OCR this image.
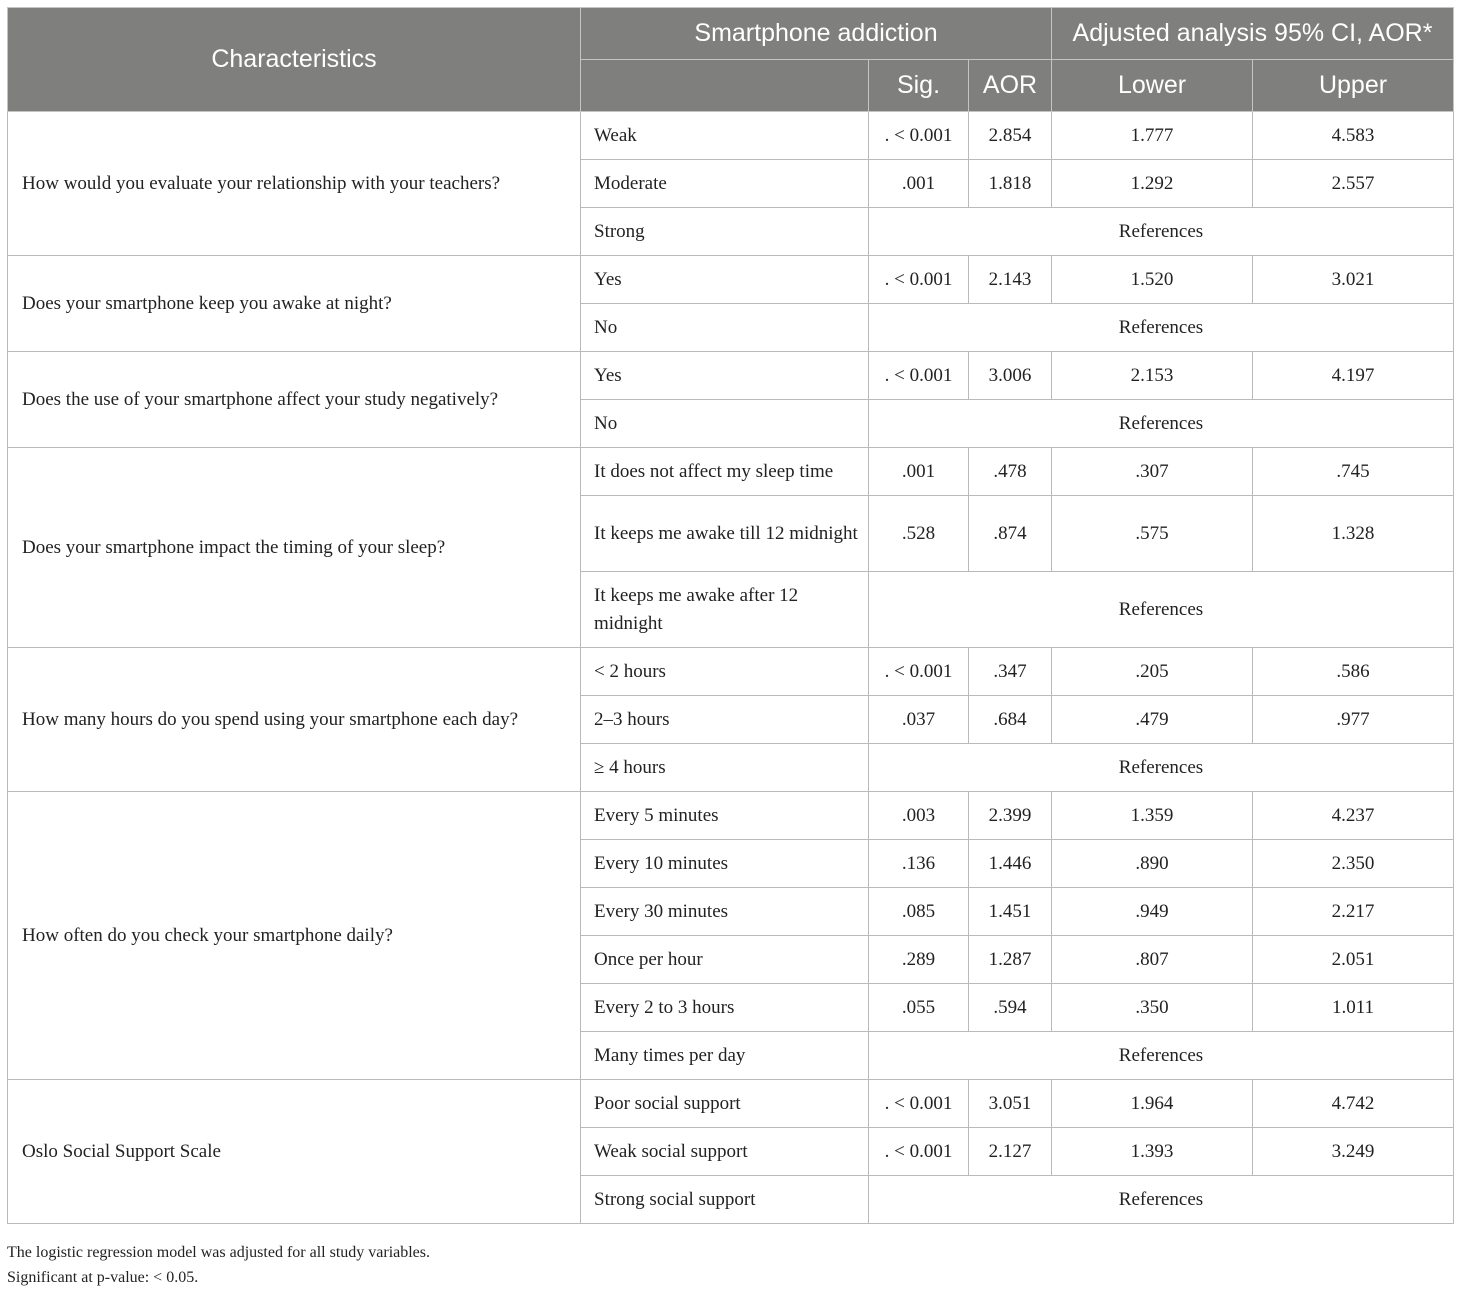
Characteristics	Smartphone addiction			Adjusted analysis 95% CI, AOR*	
		Sig.	AOR	Lower	Upper
How would you evaluate your relationship with your teachers?	Weak	. < 0.001	2.854	1.777	4.583
	Moderate	.001	1.818	1.292	2.557
	Strong	References			
Does your smartphone keep you awake at night?	Yes	. < 0.001	2.143	1.520	3.021
	No	References			
Does the use of your smartphone affect your study negatively?	Yes	. < 0.001	3.006	2.153	4.197
	No	References			
Does your smartphone impact the timing of your sleep?	It does not affect my sleep time	.001	.478	.307	.745
	It keeps me awake till 12 midnight	.528	.874	.575	1.328
	It keeps me awake after 12 midnight	References			
How many hours do you spend using your smartphone each day?	< 2 hours	. < 0.001	.347	.205	.586
	2–3 hours	.037	.684	.479	.977
	≥ 4 hours	References			
How often do you check your smartphone daily?	Every 5 minutes	.003	2.399	1.359	4.237
	Every 10 minutes	.136	1.446	.890	2.350
	Every 30 minutes	.085	1.451	.949	2.217
	Once per hour	.289	1.287	.807	2.051
	Every 2 to 3 hours	.055	.594	.350	1.011
	Many times per day	References			
Oslo Social Support Scale	Poor social support	. < 0.001	3.051	1.964	4.742
	Weak social support	. < 0.001	2.127	1.393	3.249
	Strong social support	References			
The logistic regression model was adjusted for all study variables.
Significant at p-value: < 0.05.
